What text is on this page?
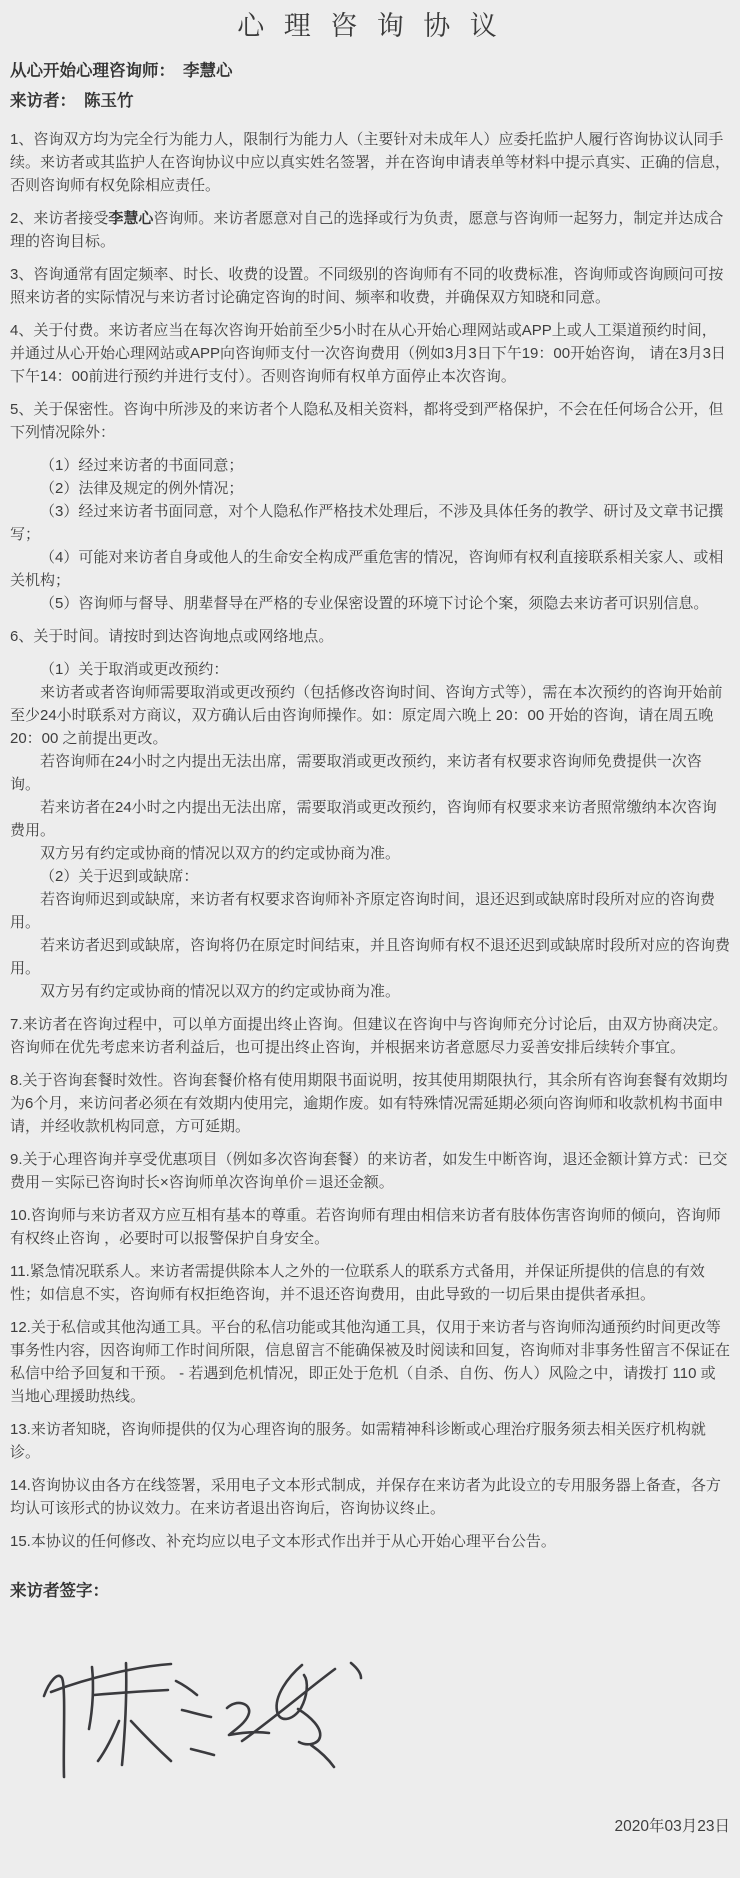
心 理 咨 询 协 议
从心开始心理咨询师： 李慧心
来访者： 陈玉竹

1、咨询双方均为完全行为能力人，限制行为能力人（主要针对未成年人）应委托监护人履行咨询协议认同手续。来访者或其监护人在咨询协议中应以真实姓名签署，并在咨询申请表单等材料中提示真实、正确的信息，否则咨询师有权免除相应责任。

2、来访者接受李慧心咨询师。来访者愿意对自己的选择或行为负责，愿意与咨询师一起努力，制定并达成合理的咨询目标。

3、咨询通常有固定频率、时长、收费的设置。不同级别的咨询师有不同的收费标准，咨询师或咨询顾问可按照来访者的实际情况与来访者讨论确定咨询的时间、频率和收费，并确保双方知晓和同意。

4、关于付费。来访者应当在每次咨询开始前至少5小时在从心开始心理网站或APP上或人工渠道预约时间，并通过从心开始心理网站或APP向咨询师支付一次咨询费用（例如3月3日下午19：00开始咨询， 请在3月3日下午14：00前进行预约并进行支付）。否则咨询师有权单方面停止本次咨询。

5、关于保密性。咨询中所涉及的来访者个人隐私及相关资料，都将受到严格保护，不会在任何场合公开，但下列情况除外：

（1）经过来访者的书面同意；

（2）法律及规定的例外情况；

（3）经过来访者书面同意，对个人隐私作严格技术处理后，不涉及具体任务的教学、研讨及文章书记撰写；

（4）可能对来访者自身或他人的生命安全构成严重危害的情况，咨询师有权利直接联系相关家人、或相关机构；

（5）咨询师与督导、朋辈督导在严格的专业保密设置的环境下讨论个案，须隐去来访者可识别信息。

6、关于时间。请按时到达咨询地点或网络地点。

（1）关于取消或更改预约：

来访者或者咨询师需要取消或更改预约（包括修改咨询时间、咨询方式等），需在本次预约的咨询开始前至少24小时联系对方商议，双方确认后由咨询师操作。如：原定周六晚上 20：00 开始的咨询，请在周五晚 20：00 之前提出更改。

若咨询师在24小时之内提出无法出席，需要取消或更改预约，来访者有权要求咨询师免费提供一次咨询。

若来访者在24小时之内提出无法出席，需要取消或更改预约，咨询师有权要求来访者照常缴纳本次咨询费用。

双方另有约定或协商的情况以双方的约定或协商为准。

（2）关于迟到或缺席：

若咨询师迟到或缺席，来访者有权要求咨询师补齐原定咨询时间，退还迟到或缺席时段所对应的咨询费用。

若来访者迟到或缺席，咨询将仍在原定时间结束，并且咨询师有权不退还迟到或缺席时段所对应的咨询费用。

双方另有约定或协商的情况以双方的约定或协商为准。

7.来访者在咨询过程中，可以单方面提出终止咨询。但建议在咨询中与咨询师充分讨论后，由双方协商决定。咨询师在优先考虑来访者利益后，也可提出终止咨询，并根据来访者意愿尽力妥善安排后续转介事宜。

8.关于咨询套餐时效性。咨询套餐价格有使用期限书面说明，按其使用期限执行，其余所有咨询套餐有效期均为6个月，来访问者必须在有效期内使用完，逾期作废。如有特殊情况需延期必须向咨询师和收款机构书面申请，并经收款机构同意，方可延期。

9.关于心理咨询并享受优惠项目（例如多次咨询套餐）的来访者，如发生中断咨询，退还金额计算方式：已交费用－实际已咨询时长×咨询师单次咨询单价＝退还金额。

10.咨询师与来访者双方应互相有基本的尊重。若咨询师有理由相信来访者有肢体伤害咨询师的倾向，咨询师有权终止咨询 ，必要时可以报警保护自身安全。

11.紧急情况联系人。来访者需提供除本人之外的一位联系人的联系方式备用，并保证所提供的信息的有效性；如信息不实，咨询师有权拒绝咨询，并不退还咨询费用，由此导致的一切后果由提供者承担。

12.关于私信或其他沟通工具。平台的私信功能或其他沟通工具，仅用于来访者与咨询师沟通预约时间更改等事务性内容，因咨询师工作时间所限，信息留言不能确保被及时阅读和回复，咨询师对非事务性留言不保证在私信中给予回复和干预。 - 若遇到危机情况，即正处于危机（自杀、自伤、伤人）风险之中，请拨打 110 或当地心理援助热线。

13.来访者知晓，咨询师提供的仅为心理咨询的服务。如需精神科诊断或心理治疗服务须去相关医疗机构就诊。

14.咨询协议由各方在线签署，采用电子文本形式制成，并保存在来访者为此设立的专用服务器上备查，各方均认可该形式的协议效力。在来访者退出咨询后，咨询协议终止。

15.本协议的任何修改、补充均应以电子文本形式作出并于从心开始心理平台公告。

来访者签字：
2020年03月23日
